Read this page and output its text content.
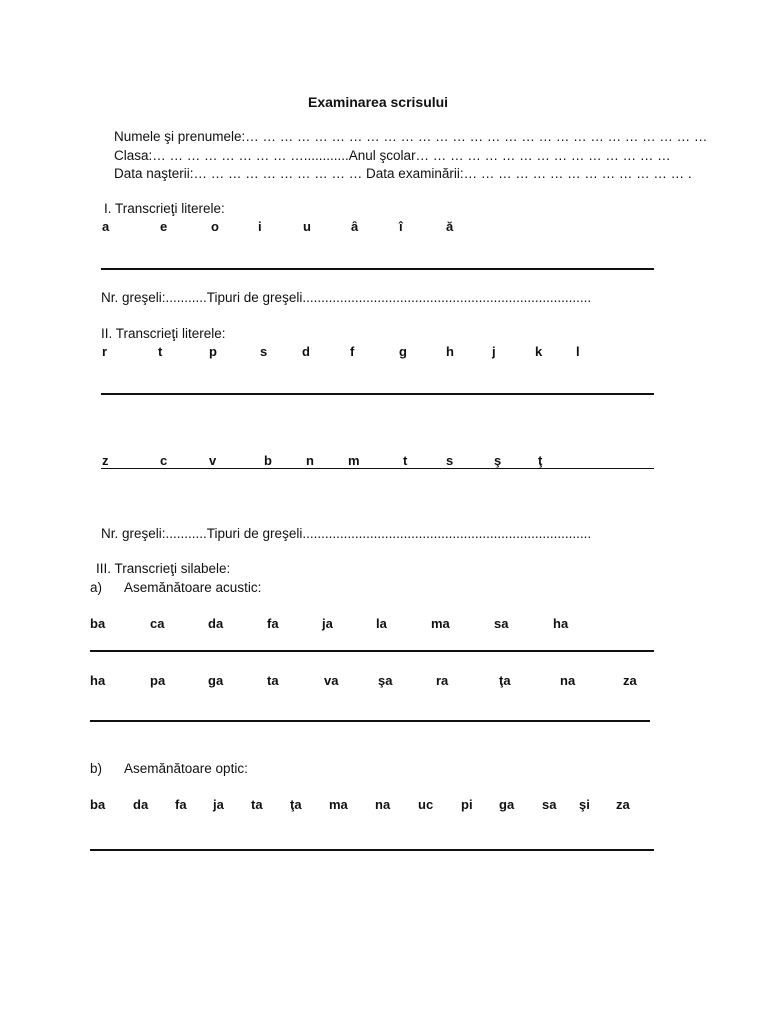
Examinarea scrisului
Numele şi prenumele:… … … … … … … … … … … … … … … … … … … … … … … … … … …
Clasa:… … … … … … … … …............Anul şcolar… … … … … … … … … … … … … … …
Data naşterii:… … … … … … … … … … Data examinării:… … … … … … … … … … … … … .
I. Transcrieţi literele:
a	e	o	i	u	â	î	ă
Nr. greşeli:...........Tipuri de greşeli.............................................................................
II. Transcrieţi literele:
r	t	p	s	d	f	g	h	j	k	l
z	c	v	b	n	m	t	s	ş	ţ
Nr. greşeli:...........Tipuri de greşeli.............................................................................
III. Transcrieţi silabele:
a) Asemănătoare acustic:
ba	ca	da	fa	ja	la	ma	sa	ha
ha	pa	ga	ta	va	şa	ra	ţa	na	za
b) Asemănătoare optic:
ba da fa ja ta ţa ma na uc pi ga sa şi za
